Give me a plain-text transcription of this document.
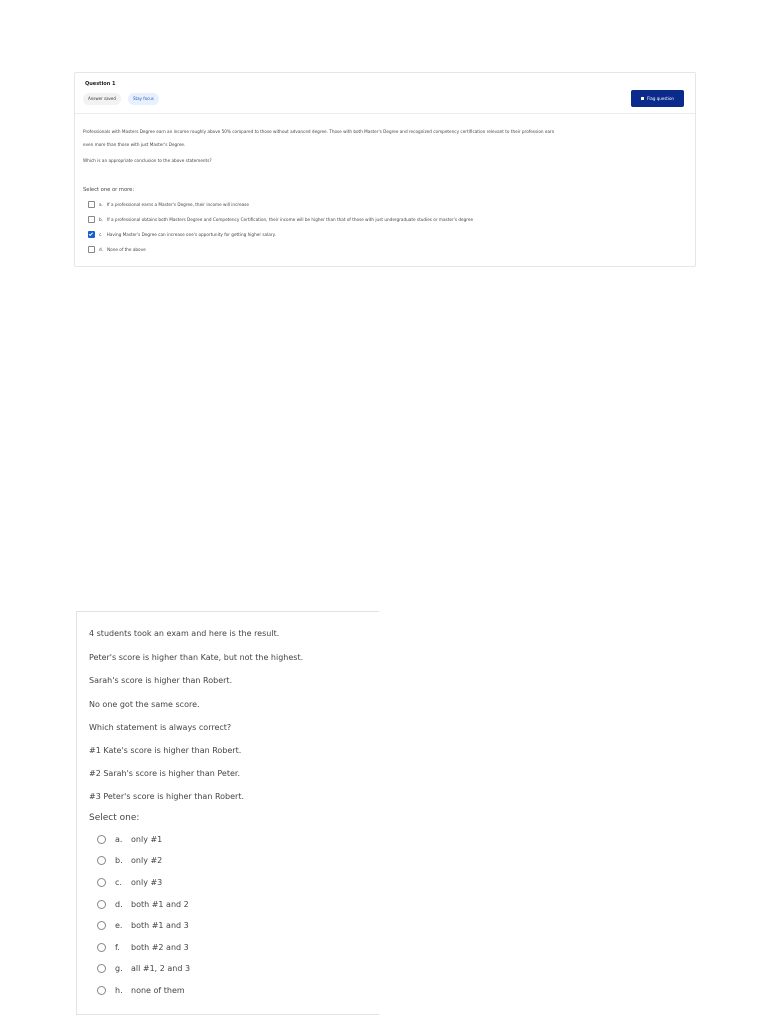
Question 1
Answer saved	Stay focus	Flag question
Professionals with Masters Degree earn an income roughly above 50% compared to those without advanced degree. Those with both Master's Degree and recognized competency certification relevant to their profession earn
even more than those with just Master's Degree.
Which is an appropriate conclusion to the above statements?
Select one or more:
a. If a professional earns a Master's Degree, their income will increase
b. If a professional obtains both Masters Degree and Competency Certification, their income will be higher than that of those with just undergraduate studies or master's degree
c. Having Master's Degree can increase one's opportunity for getting higher salary.
d. None of the above
4 students took an exam and here is the result.
Peter's score is higher than Kate, but not the highest.
Sarah's score is higher than Robert.
No one got the same score.
Which statement is always correct?
#1 Kate's score is higher than Robert.
#2 Sarah's score is higher than Peter.
#3 Peter's score is higher than Robert.
Select one:
a.	only #1
b.	only #2
c.	only #3
d.	both #1 and 2
e.	both #1 and 3
f.	both #2 and 3
g.	all #1, 2 and 3
h.	none of them
